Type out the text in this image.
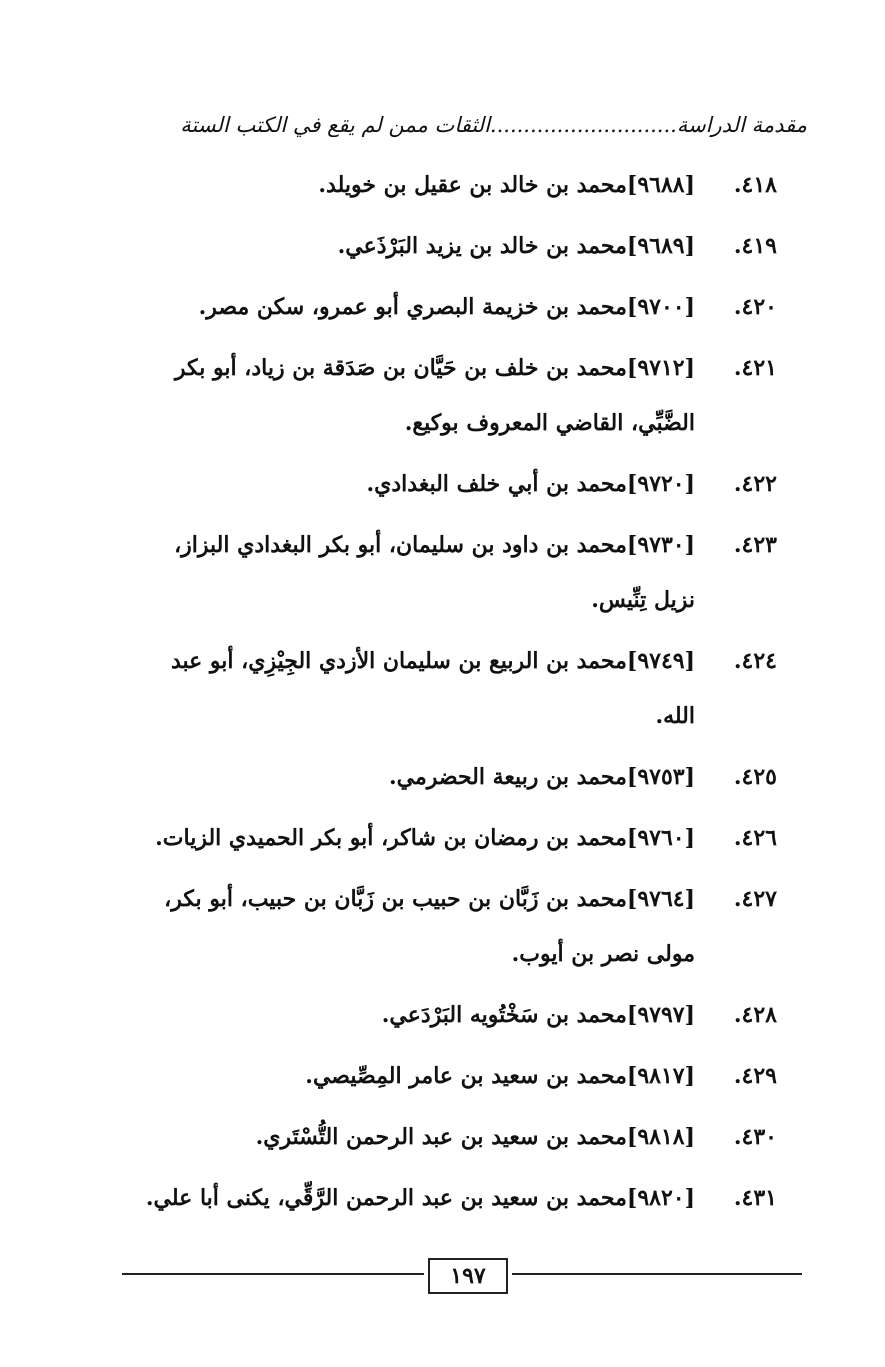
مقدمة الدراسة............................الثقات ممن لم يقع في الكتب الستة
٤١٨.
[٩٦٨٨]محمد بن خالد بن عقيل بن خويلد.
٤١٩.
[٩٦٨٩]محمد بن خالد بن يزيد البَرْذَعي.
٤٢٠.
[٩٧٠٠]محمد بن خزيمة البصري أبو عمرو، سكن مصر.
٤٢١.
[٩٧١٢]محمد بن خلف بن حَيَّان بن صَدَقة بن زياد، أبو بكر الضَّبِّي، القاضي المعروف بوكيع.
٤٢٢.
[٩٧٢٠]محمد بن أبي خلف البغدادي.
٤٢٣.
[٩٧٣٠]محمد بن داود بن سليمان، أبو بكر البغدادي البزاز، نزيل تِنِّيس.
٤٢٤.
[٩٧٤٩]محمد بن الربيع بن سليمان الأزدي الجِيْزِي، أبو عبد الله.
٤٢٥.
[٩٧٥٣]محمد بن ربيعة الحضرمي.
٤٢٦.
[٩٧٦٠]محمد بن رمضان بن شاكر، أبو بكر الحميدي الزيات.
٤٢٧.
[٩٧٦٤]محمد بن زَبَّان بن حبيب بن زَبَّان بن حبيب، أبو بكر، مولى نصر بن أيوب.
٤٢٨.
[٩٧٩٧]محمد بن سَخْتُويه البَرْدَعي.
٤٢٩.
[٩٨١٧]محمد بن سعيد بن عامر المِصِّيصي.
٤٣٠.
[٩٨١٨]محمد بن سعيد بن عبد الرحمن التُّسْتَري.
٤٣١.
[٩٨٢٠]محمد بن سعيد بن عبد الرحمن الرَّقِّي، يكنى أبا علي.
١٩٧
